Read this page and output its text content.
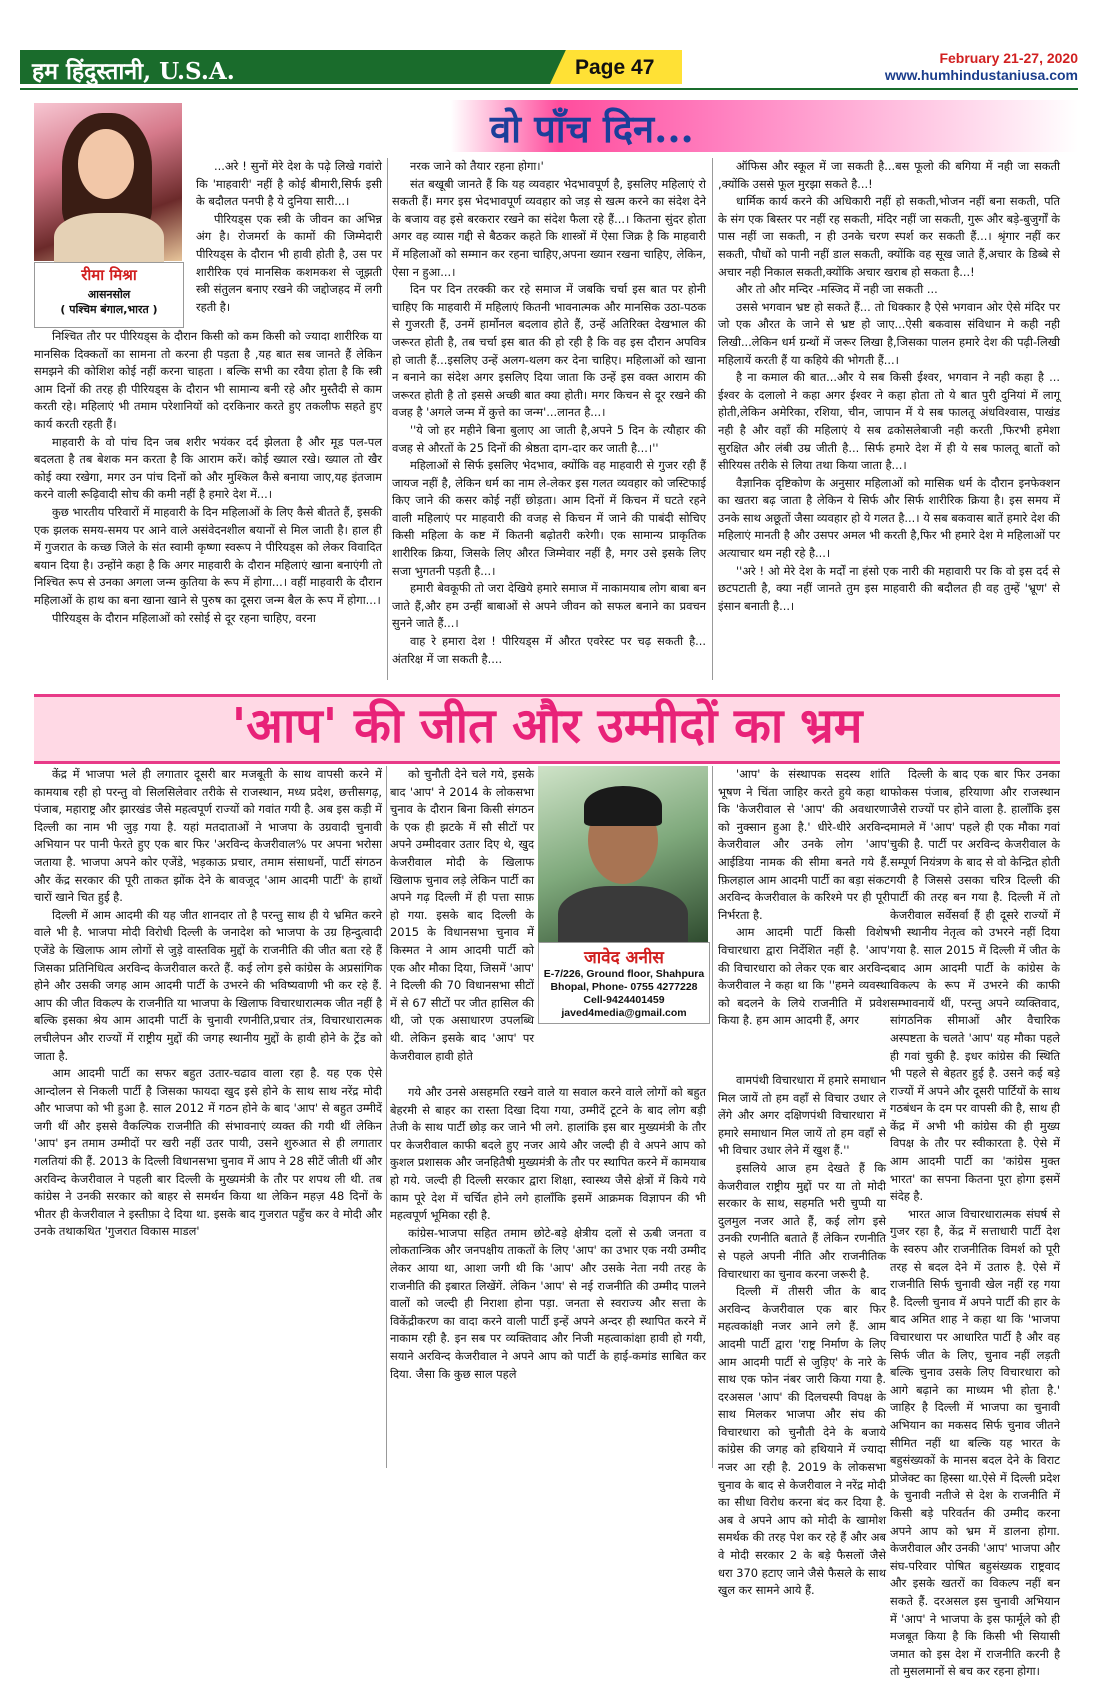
हम हिंदुस्तानी, U.S.A.	Page 47	February 21-27, 2020
www.humhindustaniusa.com
वो पाँच दिन...
रीमा मिश्रा
आसनसोल
( पश्चिम बंगाल,भारत )

...अरे ! सुनों मेरे देश के पढ़े लिखे गवांरो कि 'माहवारी' नहीं है कोई बीमारी,सिर्फ इसी के बदौलत पनपी है ये दुनिया सारी...।

पीरियड्स एक स्त्री के जीवन का अभिन्न अंग है। रोजमर्रा के कामों की जिम्मेदारी पीरियड्स के दौरान भी हावी होती है, उस पर शारीरिक एवं मानसिक कशमकश से जूझती स्त्री संतुलन बनाए रखने की जद्दोजहद में लगी रहती है।

निश्चित तौर पर पीरियड्स के दौरान किसी को कम किसी को ज्यादा शारीरिक या मानसिक दिक्कतों का सामना तो करना ही पड़ता है ,यह बात सब जानते हैं लेकिन समझने की कोशिश कोई नहीं करना चाहता । बल्कि सभी का रवैया होता है कि स्त्री आम दिनों की तरह ही पीरियड्स के दौरान भी सामान्य बनी रहे और मुस्तैदी से काम करती रहे। महिलाएं भी तमाम परेशानियों को दरकिनार करते हुए तकलीफ सहते हुए कार्य करती रहती हैं।

माहवारी के वो पांच दिन जब शरीर भयंकर दर्द झेलता है और मूड पल-पल बदलता है तब बेशक मन करता है कि आराम करें। कोई ख्याल रखे। ख्याल तो खैर कोई क्या रखेगा, मगर उन पांच दिनों को और मुश्किल कैसे बनाया जाए,यह इंतजाम करने वाली रूढ़िवादी सोच की कमी नहीं है हमारे देश में...।

कुछ भारतीय परिवारों में माहवारी के दिन महिलाओं के लिए कैसे बीतते हैं, इसकी एक झलक समय-समय पर आने वाले असंवेदनशील बयानों से मिल जाती है। हाल ही में गुजरात के कच्छ जिले के संत स्वामी कृष्णा स्वरूप ने पीरियड्स को लेकर विवादित बयान दिया है। उन्होंने कहा है कि अगर माहवारी के दौरान महिलाएं खाना बनाएंगी तो निश्चित रूप से उनका अगला जन्म कुतिया के रूप में होगा...। वहीं माहवारी के दौरान महिलाओं के हाथ का बना खाना खाने से पुरुष का दूसरा जन्म बैल के रूप में होगा...।

पीरियड्स के दौरान महिलाओं को रसोई से दूर रहना चाहिए, वरना

नरक जाने को तैयार रहना होगा।'

संत बखूबी जानते हैं कि यह व्यवहार भेदभावपूर्ण है, इसलिए महिलाएं रो सकती हैं। मगर इस भेदभावपूर्ण व्यवहार को जड़ से खत्म करने का संदेश देने के बजाय वह इसे बरकरार रखने का संदेश फैला रहे हैं...। कितना सुंदर होता अगर वह व्यास गद्दी से बैठकर कहते कि शास्त्रों में ऐसा जिक्र है कि माहवारी में महिलाओं को सम्मान कर रहना चाहिए,अपना ख्यान रखना चाहिए, लेकिन, ऐसा न हुआ...।

दिन पर दिन तरक्की कर रहे समाज में जबकि चर्चा इस बात पर होनी चाहिए कि माहवारी में महिलाएं कितनी भावनात्मक और मानसिक उठा-पठक से गुजरती हैं, उनमें हार्मोनल बदलाव होते हैं, उन्हें अतिरिक्त देखभाल की जरूरत होती है, तब चर्चा इस बात की हो रही है कि वह इस दौरान अपवित्र हो जाती हैं...इसलिए उन्हें अलग-थलग कर देना चाहिए। महिलाओं को खाना न बनाने का संदेश अगर इसलिए दिया जाता कि उन्हें इस वक्त आराम की जरूरत होती है तो इससे अच्छी बात क्या होती। मगर किचन से दूर रखने की वजह है 'अगले जन्म में कुत्ते का जन्म'...लानत है...।

''ये जो हर महीने बिना बुलाए आ जाती है,अपने 5 दिन के त्यौहार की वजह से औरतों के 25 दिनों की श्रेष्ठता दाग-दार कर जाती है...।''

महिलाओं से सिर्फ इसलिए भेदभाव, क्योंकि वह माहवारी से गुजर रही हैं जायज नहीं है, लेकिन धर्म का नाम ले-लेकर इस गलत व्यवहार को जस्टिफाई किए जाने की कसर कोई नहीं छोड़ता। आम दिनों में किचन में घटते रहने वाली महिलाएं पर माहवारी की वजह से किचन में जाने की पाबंदी सोचिए किसी महिला के कष्ट में कितनी बढ़ोतरी करेगी। एक सामान्य प्राकृतिक शारीरिक क्रिया, जिसके लिए औरत जिम्मेवार नहीं है, मगर उसे इसके लिए सजा भुगतनी पड़ती है...।

हमारी बेवकूफी तो जरा देखिये हमारे समाज में नाकामयाब लोग बाबा बन जाते हैं,और हम उन्हीं बाबाओं से अपने जीवन को सफल बनाने का प्रवचन सुनने जाते हैं...।

वाह रे हमारा देश ! पीरियड्स में औरत एवरेस्ट पर चढ़ सकती है... अंतरिक्ष में जा सकती है....

ऑफिस और स्कूल में जा सकती है...बस फूलो की बगिया में नही जा सकती ,क्योंकि उससे फूल मुरझा सकते है...!

धार्मिक कार्य करने की अधिकारी नहीं हो सकती,भोजन नहीं बना सकती, पति के संग एक बिस्तर पर नहीं रह सकती, मंदिर नहीं जा सकती, गुरू और बड़े-बुजुर्गों के पास नहीं जा सकती, न ही उनके चरण स्पर्श कर सकती हैं...। श्रृंगार नहीं कर सकती, पौधों को पानी नहीं डाल सकती, क्योंकि वह सूख जाते हैं,अचार के डिब्बे से अचार नही निकाल सकती,क्योंकि अचार खराब हो सकता है...!

और तो और मन्दिर -मस्जिद में नही जा सकती ...

उससे भगवान भ्रष्ट हो सकते हैं... तो धिक्कार है ऐसे भगवान ओर ऐसे मंदिर पर जो एक औरत के जाने से भ्रष्ट हो जाए...ऐसी बकवास संविधान मे कही नही लिखी...लेकिन धर्म ग्रन्थों में जरूर लिखा है,जिसका पालन हमारे देश की पढ़ी-लिखी महिलायें करती हैं या कहिये की भोगती हैं...।

है ना कमाल की बात...और ये सब किसी ईश्वर, भगवान ने नही कहा है ... ईश्वर के दलालो ने कहा अगर ईश्वर ने कहा होता तो ये बात पुरी दुनियां में लागू होती,लेकिन अमेरिका, रशिया, चीन, जापान में ये सब फालतू अंधविश्वास, पाखंड नही है और वहाँ की महिलाएं ये सब ढकोसलेबाजी नही करती ,फिरभी हमेशा सुरक्षित और लंबी उम्र जीती है... सिर्फ हमारे देश में ही ये सब फालतू बातों को सीरियस तरीके से लिया तथा किया जाता है...।

वैज्ञानिक दृष्टिकोण के अनुसार महिलाओं को मासिक धर्म के दौरान इनफेक्शन का खतरा बढ़ जाता है लेकिन ये सिर्फ और सिर्फ शारीरिक क्रिया है। इस समय में उनके साथ अछूतों जैसा व्यवहार हो ये गलत है...। ये सब बकवास बातें हमारे देश की महिलाएं मानती है और उसपर अमल भी करती है,फिर भी हमारे देश मे महिलाओं पर अत्याचार थम नही रहे है...।

''अरे ! ओ मेरे देश के मर्दों ना हंसो एक नारी की महावारी पर कि वो इस दर्द से छटपटाती है, क्या नहीं जानते तुम इस माहवारी की बदौलत ही वह तुम्हें 'भ्रूण' से इंसान बनाती है...।

'आप' की जीत और उम्मीदों का भ्रम

केंद्र में भाजपा भले ही लगातार दूसरी बार मजबूती के साथ वापसी करने में कामयाब रही हो परन्तु वो सिलसिलेवार तरीके से राजस्थान, मध्य प्रदेश, छत्तीसगढ़, पंजाब, महाराष्ट्र और झारखंड जैसे महत्वपूर्ण राज्यों को गवांत गयी है. अब इस कड़ी में दिल्ली का नाम भी जुड़ गया है. यहां मतदाताओं ने भाजपा के उग्रवादी चुनावी अभियान पर पानी फेरते हुए एक बार फिर 'अरविन्द केजरीवाल% पर अपना भरोसा जताया है. भाजपा अपने कोर एजेंडे, भड़काऊ प्रचार, तमाम संसाधनों, पार्टी संगठन और केंद्र सरकार की पूरी ताकत झोंक देने के बावजूद 'आम आदमी पार्टी' के हाथों चारों खाने चित हुई है.

दिल्ली में आम आदमी की यह जीत शानदार तो है परन्तु साथ ही ये भ्रमित करने वाले भी है. भाजपा मोदी विरोधी दिल्ली के जनादेश को भाजपा के उग्र हिन्दुत्वादी एजेंडे के खिलाफ आम लोगों से जुड़े वास्तविक मुद्दों के राजनीति की जीत बता रहे हैं जिसका प्रतिनिधित्व अरविन्द केजरीवाल करते हैं. कई लोग इसे कांग्रेस के अप्रसांगिक होने और उसकी जगह आम आदमी पार्टी के उभरने की भविष्यवाणी भी कर रहे हैं. आप की जीत विकल्प के राजनीति या भाजपा के खिलाफ विचारधारात्मक जीत नहीं है बल्कि इसका श्रेय आम आदमी पार्टी के चुनावी रणनीति,प्रचार तंत्र, विचारधारात्मक लचीलेपन और राज्यों में राष्ट्रीय मुद्दों की जगह स्थानीय मुद्दों के हावी होने के ट्रेंड को जाता है.

आम आदमी पार्टी का सफर बहुत उतार-चढाव वाला रहा है. यह एक ऐसे आन्दोलन से निकली पार्टी है जिसका फायदा खुद इसे होने के साथ साथ नरेंद्र मोदी और भाजपा को भी हुआ है. साल 2012 में गठन होने के बाद 'आप' से बहुत उम्मीदें जगी थीं और इससे वैकल्पिक राजनीति की संभावनाएं व्यक्त की गयी थीं लेकिन 'आप' इन तमाम उम्मीदों पर खरी नहीं उतर पायी, उसने शुरुआत से ही लगातार गलतियां की हैं. 2013 के दिल्ली विधानसभा चुनाव में आप ने 28 सीटें जीती थीं और अरविन्द केजरीवाल ने पहली बार दिल्ली के मुख्यमंत्री के तौर पर शपथ ली थी. तब कांग्रेस ने उनकी सरकार को बाहर से समर्थन किया था लेकिन महज़ 48 दिनों के भीतर ही केजरीवाल ने इस्तीफ़ा दे दिया था. इसके बाद गुजरात पहुँच कर वे मोदी और उनके तथाकथित 'गुजरात विकास माडल'

को चुनौती देने चले गये, इसके बाद 'आप' ने 2014 के लोकसभा चुनाव के दौरान बिना किसी संगठन के एक ही झटके में सौ सीटों पर अपने उम्मीदवार उतार दिए थे, खुद केजरीवाल मोदी के खिलाफ खिलाफ चुनाव लड़े लेकिन पार्टी का अपने गढ़ दिल्ली में ही पत्ता साफ़ हो गया. इसके बाद दिल्ली के 2015 के विधानसभा चुनाव में किस्मत ने आम आदमी पार्टी को एक और मौका दिया, जिसमें 'आप' ने दिल्ली की 70 विधानसभा सीटों में से 67 सीटों पर जीत हासिल की थी, जो एक असाधारण उपलब्धि थी. लेकिन इसके बाद 'आप' पर केजरीवाल हावी होते

जावेद अनीस
E-7/226, Ground floor, Shahpura
Bhopal, Phone- 0755 4277228
Cell-9424401459
javed4media@gmail.com

गये और उनसे असहमति रखने वाले या सवाल करने वाले लोगों को बहुत बेहरमी से बाहर का रास्ता दिखा दिया गया, उम्मीदें टूटने के बाद लोग बड़ी तेजी के साथ पार्टी छोड़ कर जाने भी लगे. हालांकि इस बार मुख्यमंत्री के तौर पर केजरीवाल काफी बदले हुए नजर आये और जल्दी ही वे अपने आप को कुशल प्रशासक और जनहितैषी मुख्यमंत्री के तौर पर स्थापित करने में कामयाब हो गये. जल्दी ही दिल्ली सरकार द्वारा शिक्षा, स्वास्थ्य जैसे क्षेत्रों में किये गये काम पूरे देश में चर्चित होने लगे हालाँकि इसमें आक्रमक विज्ञापन की भी महत्वपूर्ण भूमिका रही है.

कांग्रेस-भाजपा सहित तमाम छोटे-बड़े क्षेत्रीय दलों से ऊबी जनता व लोकतान्त्रिक और जनपक्षीय ताकतों के लिए 'आप' का उभार एक नयी उम्मीद लेकर आया था, आशा जगी थी कि 'आप' और उसके नेता नयी तरह के राजनीति की इबारत लिखेंगें. लेकिन 'आप' से नई राजनीति की उम्मीद पालने वालों को जल्दी ही निराशा होना पड़ा. जनता से स्वराज्य और सत्ता के विकेंद्रीकरण का वादा करने वाली पार्टी इन्हें अपने अन्दर ही स्थापित करने में नाकाम रही है. इन सब पर व्यक्तिवाद और निजी महत्वाकांक्षा हावी हो गयी, सयाने अरविन्द केजरीवाल ने अपने आप को पार्टी के हाई-कमांड साबित कर दिया. जैसा कि कुछ साल पहले

'आप' के संस्थापक सदस्य शांति भूषण ने चिंता जाहिर करते हुये कहा था कि 'केजरीवाल से 'आप' की अवधारणा को नुक्सान हुआ है.' धीरे-धीरे अरविन्द केजरीवाल और उनके लोग 'आप' आईडिया नामक की सीमा बनते गये हैं. फ़िलहाल आम आदमी पार्टी का बड़ा संकट अरविन्द केजरीवाल के करिश्मे पर ही पूरी निर्भरता है.

आम आदमी पार्टी किसी विशेष विचारधारा द्वारा निर्देशित नहीं है. 'आप' की विचारधारा को लेकर एक बार अरविन्द केजरीवाल ने कहा था कि ''हमने व्यवस्था को बदलने के लिये राजनीति में प्रवेश किया है. हम आम आदमी हैं, अगर

वामपंथी विचारधारा में हमारे समाधान मिल जायें तो हम वहाँ से विचार उधार ले लेंगे और अगर दक्षिणपंथी विचारधारा में हमारे समाधान मिल जायें तो हम वहाँ से भी विचार उधार लेने में खुश हैं.''

इसलिये आज हम देखते हैं कि केजरीवाल राष्ट्रीय मुद्दों पर या तो मोदी सरकार के साथ, सहमति भरी चुप्पी या दुलमुल नजर आते हैं, कई लोग इसे उनकी रणनीति बताते हैं लेकिन रणनीति से पहले अपनी नीति और राजनीतिक विचारधारा का चुनाव करना जरूरी है.

दिल्ली में तीसरी जीत के बाद अरविन्द केजरीवाल एक बार फिर महत्वकांक्षी नजर आने लगे हैं. आम आदमी पार्टी द्वारा 'राष्ट्र निर्माण के लिए आम आदमी पार्टी से जुड़िए' के नारे के साथ एक फोन नंबर जारी किया गया है. दरअसल 'आप' की दिलचस्पी विपक्ष के साथ मिलकर भाजपा और संघ की विचारधारा को चुनौती देने के बजाये कांग्रेस की जगह को हथियाने में ज्यादा नजर आ रही है. 2019 के लोकसभा चुनाव के बाद से केजरीवाल ने नरेंद्र मोदी का सीधा विरोध करना बंद कर दिया है. अब वे अपने आप को मोदी के खामोश समर्थक की तरह पेश कर रहे हैं और अब वे मोदी सरकार 2 के बड़े फैसलों जैसे धरा 370 हटाए जाने जैसे फैसले के साथ खुल कर सामने आये हैं.

दिल्ली के बाद एक बार फिर उनका फोकस पंजाब, हरियाणा और राजस्थान जैसे राज्यों पर होने वाला है. हालाँकि इस मामले में 'आप' पहले ही एक मौका गवां चुकी है. पार्टी पर अरविन्द केजरीवाल के सम्पूर्ण नियंत्रण के बाद से वो केन्द्रित होती गयी है जिससे उसका चरित्र दिल्ली की पार्टी की तरह बन गया है. दिल्ली में तो केजरीवाल सर्वेसर्वा हैं ही दूसरे राज्यों में भी स्थानीय नेतृत्व को उभरने नहीं दिया गया है. साल 2015 में दिल्ली में जीत के बाद आम आदमी पार्टी के कांग्रेस के विकल्प के रूप में उभरने की काफी सम्भावनायें थीं, परन्तु अपने व्यक्तिवाद, सांगठनिक सीमाओं और वैचारिक अस्पष्टता के चलते 'आप' यह मौका पहले ही गवां चुकी है. इधर कांग्रेस की स्थिति भी पहले से बेहतर हुई है. उसने कई बड़े राज्यों में अपने और दूसरी पार्टियों के साथ गठबंधन के दम पर वापसी की है, साथ ही केंद्र में अभी भी कांग्रेस की ही मुख्य विपक्ष के तौर पर स्वीकारता है. ऐसे में आम आदमी पार्टी का 'कांग्रेस मुक्त भारत' का सपना कितना पूरा होगा इसमें संदेह है.

भारत आज विचारधारात्मक संघर्ष से गुजर रहा है, केंद्र में सत्ताधारी पार्टी देश के स्वरुप और राजनीतिक विमर्श को पूरी तरह से बदल देने में उतारु है. ऐसे में राजनीति सिर्फ चुनावी खेल नहीं रह गया है. दिल्ली चुनाव में अपने पार्टी की हार के बाद अमित शाह ने कहा था कि 'भाजपा विचारधारा पर आधारित पार्टी है और वह सिर्फ जीत के लिए, चुनाव नहीं लड़ती बल्कि चुनाव उसके लिए विचारधारा को आगे बढ़ाने का माध्यम भी होता है.' जाहिर है दिल्ली में भाजपा का चुनावी अभियान का मकसद सिर्फ चुनाव जीतने सीमित नहीं था बल्कि यह भारत के बहुसंख्यकों के मानस बदल देने के विराट प्रोजेक्ट का हिस्सा था.ऐसे में दिल्ली प्रदेश के चुनावी नतीजे से देश के राजनीति में किसी बड़े परिवर्तन की उम्मीद करना अपने आप को भ्रम में डालना होगा. केजरीवाल और उनकी 'आप' भाजपा और संघ-परिवार पोषित बहुसंख्यक राष्ट्रवाद और इसके खतरों का विकल्प नहीं बन सकते हैं. दरअसल इस चुनावी अभियान में 'आप' ने भाजपा के इस फार्मूले को ही मजबूत किया है कि किसी भी सियासी जमात को इस देश में राजनीति करनी है तो मुसलमानों से बच कर रहना होगा।
